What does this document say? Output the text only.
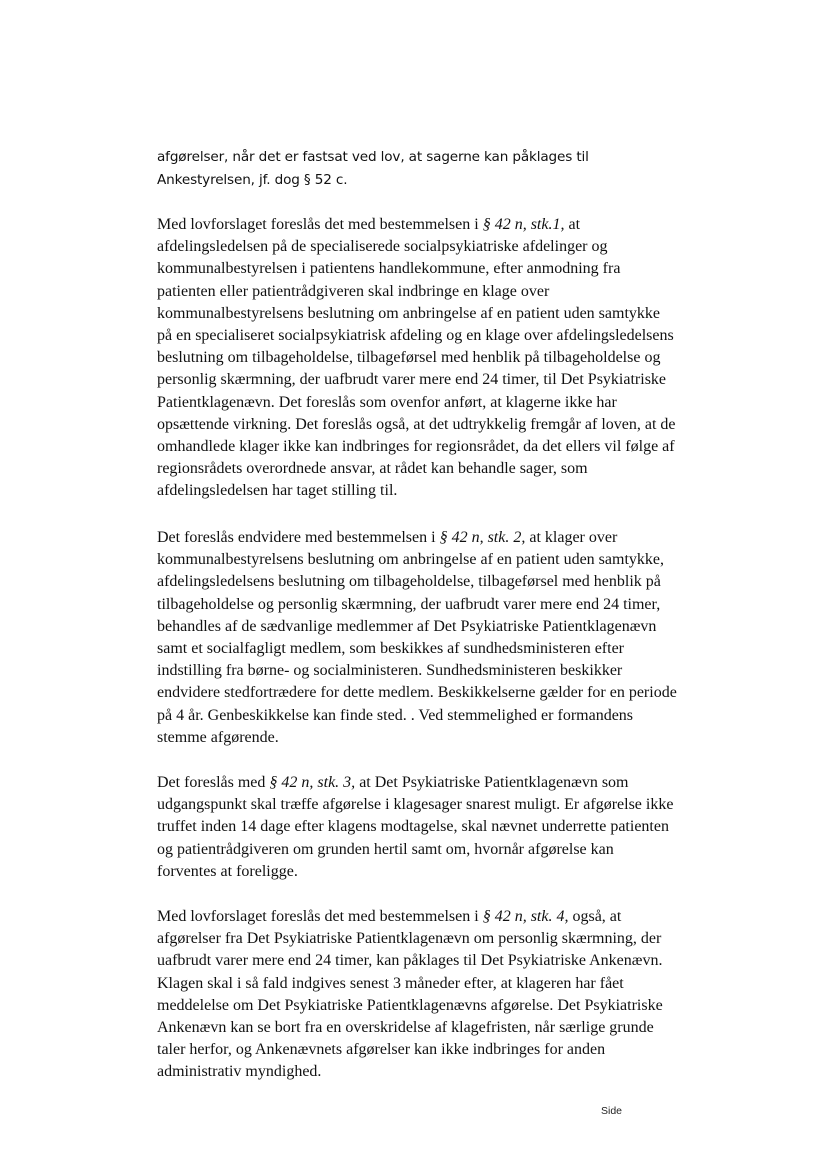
afgørelser, når det er fastsat ved lov, at sagerne kan påklages til Ankestyrelsen, jf. dog § 52 c.

Med lovforslaget foreslås det med bestemmelsen i § 42 n, stk.1, at afdelingsledelsen på de specialiserede socialpsykiatriske afdelinger og kommunalbestyrelsen i patientens handlekommune, efter anmodning fra patienten eller patientrådgiveren skal indbringe en klage over kommunalbestyrelsens beslutning om anbringelse af en patient uden samtykke på en specialiseret socialpsykiatrisk afdeling og en klage over afdelingsledelsens beslutning om tilbageholdelse, tilbageførsel med henblik på tilbageholdelse og personlig skærmning, der uafbrudt varer mere end 24 timer, til Det Psykiatriske Patientklagenævn. Det foreslås som ovenfor anført, at klagerne ikke har opsættende virkning. Det foreslås også, at det udtrykkelig fremgår af loven, at de omhandlede klager ikke kan indbringes for regionsrådet, da det ellers vil følge af regionsrådets overordnede ansvar, at rådet kan behandle sager, som afdelingsledelsen har taget stilling til.

Det foreslås endvidere med bestemmelsen i § 42 n, stk. 2, at klager over kommunalbestyrelsens beslutning om anbringelse af en patient uden samtykke, afdelingsledelsens beslutning om tilbageholdelse, tilbageførsel med henblik på tilbageholdelse og personlig skærmning, der uafbrudt varer mere end 24 timer, behandles af de sædvanlige medlemmer af Det Psykiatriske Patientklagenævn samt et socialfagligt medlem, som beskikkes af sundhedsministeren efter indstilling fra børne- og socialministeren. Sundhedsministeren beskikker endvidere stedfortrædere for dette medlem. Beskikkelserne gælder for en periode på 4 år. Genbeskikkelse kan finde sted. . Ved stemmelighed er formandens stemme afgørende.

Det foreslås med § 42 n, stk. 3, at Det Psykiatriske Patientklagenævn som udgangspunkt skal træffe afgørelse i klagesager snarest muligt. Er afgørelse ikke truffet inden 14 dage efter klagens modtagelse, skal nævnet underrette patienten og patientrådgiveren om grunden hertil samt om, hvornår afgørelse kan forventes at foreligge.

Med lovforslaget foreslås det med bestemmelsen i § 42 n, stk. 4, også, at afgørelser fra Det Psykiatriske Patientklagenævn om personlig skærmning, der uafbrudt varer mere end 24 timer, kan påklages til Det Psykiatriske Ankenævn. Klagen skal i så fald indgives senest 3 måneder efter, at klageren har fået meddelelse om Det Psykiatriske Patientklagenævns afgørelse. Det Psykiatriske Ankenævn kan se bort fra en overskridelse af klagefristen, når særlige grunde taler herfor, og Ankenævnets afgørelser kan ikke indbringes for anden administrativ myndighed.

Side
